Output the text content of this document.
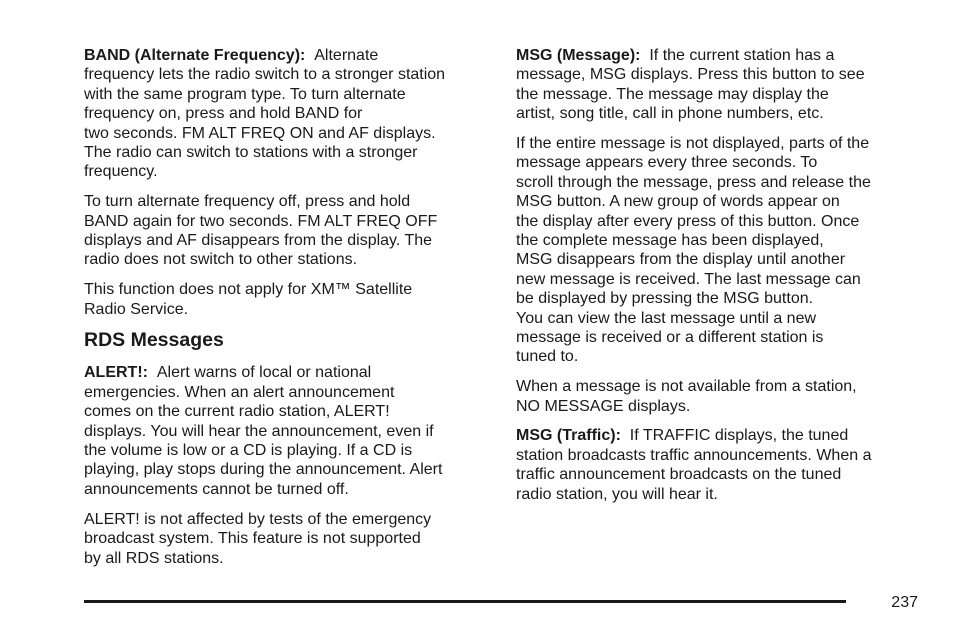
BAND (Alternate Frequency): Alternate
frequency lets the radio switch to a stronger station
with the same program type. To turn alternate
frequency on, press and hold BAND for
two seconds. FM ALT FREQ ON and AF displays.
The radio can switch to stations with a stronger
frequency.

To turn alternate frequency off, press and hold
BAND again for two seconds. FM ALT FREQ OFF
displays and AF disappears from the display. The
radio does not switch to other stations.

This function does not apply for XM™ Satellite
Radio Service.

RDS Messages

ALERT!: Alert warns of local or national
emergencies. When an alert announcement
comes on the current radio station, ALERT!
displays. You will hear the announcement, even if
the volume is low or a CD is playing. If a CD is
playing, play stops during the announcement. Alert
announcements cannot be turned off.

ALERT! is not affected by tests of the emergency
broadcast system. This feature is not supported
by all RDS stations.

MSG (Message): If the current station has a
message, MSG displays. Press this button to see
the message. The message may display the
artist, song title, call in phone numbers, etc.

If the entire message is not displayed, parts of the
message appears every three seconds. To
scroll through the message, press and release the
MSG button. A new group of words appear on
the display after every press of this button. Once
the complete message has been displayed,
MSG disappears from the display until another
new message is received. The last message can
be displayed by pressing the MSG button.
You can view the last message until a new
message is received or a different station is
tuned to.

When a message is not available from a station,
NO MESSAGE displays.

MSG (Traffic): If TRAFFIC displays, the tuned
station broadcasts traffic announcements. When a
traffic announcement broadcasts on the tuned
radio station, you will hear it.

237
